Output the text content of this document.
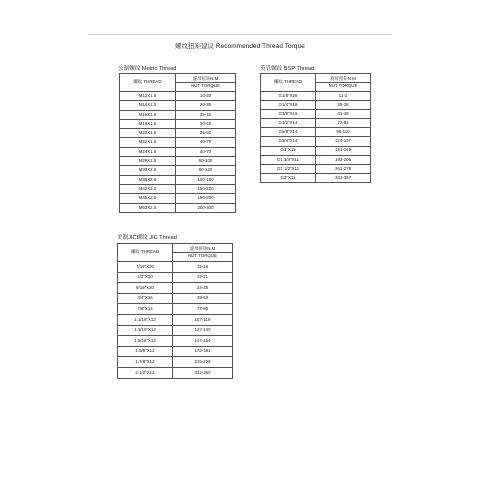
螺纹扭矩建议 Recommended Thread Torque
公制螺纹 Metric Thread
螺纹 THREAD	旋母扭矩N.M
NUT TORQUE

M12X1.5	10-20
M14X1.5	20-35
M16X1.5	25-40
M18X1.5	30-45
M20X1.5	35-50
M22X1.5	40-70
M24X1.5	40-70
M26X1.5	60-100
M30X2.0	80-120
M36X2.0	100-150
M42X2.0	150-220
M45X2.0	180-250
M52X2.0	200-300
英管螺纹 BSP Thread
螺纹 THREAD	旋母扭矩N.M
NUT TORQUE

G1/8"X28	11-2
G1/4"X19	25-28
G3/8"X19	41-48
G1/2"X14	72-82
G5/8"X14	96-110
G3/4"X14	124-137
G1"X11	151-165
G1.1/4"X11	192-206
G1.1/2"X11	261-275
G2"X11	343-357
美制JIC螺纹 JIC Thread
螺纹 THREAD	旋母扭矩N.M
NUT TORQUE

7/16"X20	15-16
1/2"X20	19-21
9/16"X20	24-28
3/4"X16	49-53
7/8"X14	77-85
1.1/16"X12	107-119
1.3/16"X12	127-140
1.5/16"X12	147-154
1.5/8"X12	172-181
1.7/8"X12	215-226
2.1/2"X12	332-350
